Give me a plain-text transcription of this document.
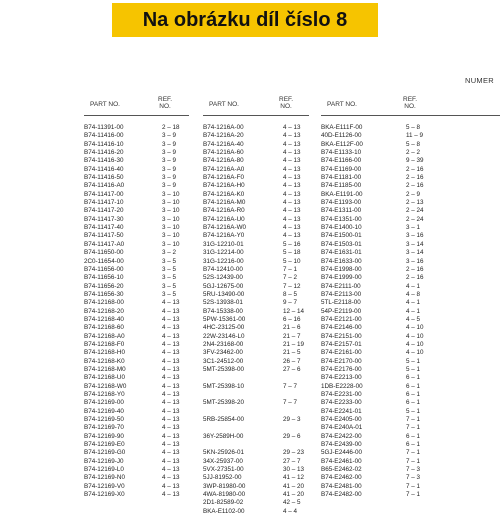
Na obrázku díl číslo 8
NUMER
PART NO.
REF.
NO.
B74-11391-00	2 – 18
B74-11416-00	3 – 9
B74-11416-10	3 – 9
B74-11416-20	3 – 9
B74-11416-30	3 – 9
B74-11416-40	3 – 9
B74-11416-50	3 – 9
B74-11416-A0	3 – 9
B74-11417-00	3 – 10
B74-11417-10	3 – 10
B74-11417-20	3 – 10
B74-11417-30	3 – 10
B74-11417-40	3 – 10
B74-11417-50	3 – 10
B74-11417-A0	3 – 10
B74-11650-00	3 – 2
2C0-11654-00	3 – 5
B74-11656-00	3 – 5
B74-11656-10	3 – 5
B74-11656-20	3 – 5
B74-11656-30	3 – 5
B74-12168-00	4 – 13
B74-12168-20	4 – 13
B74-12168-40	4 – 13
B74-12168-60	4 – 13
B74-12168-A0	4 – 13
B74-12168-F0	4 – 13
B74-12168-H0	4 – 13
B74-12168-K0	4 – 13
B74-12168-M0	4 – 13
B74-12168-U0	4 – 13
B74-12168-W0	4 – 13
B74-12168-Y0	4 – 13
B74-12169-00	4 – 13
B74-12169-40	4 – 13
B74-12169-50	4 – 13
B74-12169-70	4 – 13
B74-12169-90	4 – 13
B74-12169-E0	4 – 13
B74-12169-G0	4 – 13
B74-12169-J0	4 – 13
B74-12169-L0	4 – 13
B74-12169-N0	4 – 13
B74-12169-V0	4 – 13
B74-12169-X0	4 – 13
PART NO.
REF.
NO.
B74-1216A-00	4 – 13
B74-1216A-20	4 – 13
B74-1216A-40	4 – 13
B74-1216A-60	4 – 13
B74-1216A-80	4 – 13
B74-1216A-A0	4 – 13
B74-1216A-F0	4 – 13
B74-1216A-H0	4 – 13
B74-1216A-K0	4 – 13
B74-1216A-M0	4 – 13
B74-1216A-R0	4 – 13
B74-1216A-U0	4 – 13
B74-1216A-W0	4 – 13
B74-1216A-Y0	4 – 13
31G-12210-01	5 – 16
31G-12214-00	5 – 18
31G-12216-00	5 – 10
B74-12410-00	7 – 1
52S-12439-00	7 – 2
5GJ-12675-00	7 – 12
5RU-13490-00	8 – 5
52S-13938-01	9 – 7
B74-15338-00	12 – 14
5PW-15361-00	6 – 16
4HC-23125-00	21 – 6
22W-23146-L0	21 – 7
2N4-23168-00	21 – 19
3FV-23462-00	21 – 5
3C1-24512-00	26 – 7
5MT-25398-00	27 – 6
5MT-25398-10	7 – 7
5MT-25398-20	7 – 7
5RB-25854-00	29 – 3
36Y-2589H-00	29 – 6
5KN-25926-01	29 – 23
34X-25937-00	27 – 7
5VX-27351-00	30 – 13
5JJ-81952-00	41 – 12
3WP-81980-00	41 – 20
4WA-81980-00	41 – 20
2D1-82589-02	42 – 5
BKA-E1102-00	4 – 4
PART NO.
REF.
NO.
BKA-E111F-00	5 – 8
40D-E1126-00	11 – 9
BKA-E112F-00	5 – 8
B74-E1133-10	2 – 2
B74-E1166-00	9 – 39
B74-E1169-00	2 – 16
B74-E1181-00	2 – 16
B74-E1185-00	2 – 16
BKA-E1191-00	2 – 9
B74-E1193-00	2 – 13
B74-E1311-00	2 – 24
B74-E1351-00	2 – 24
B74-E1400-10	3 – 1
B74-E1500-01	3 – 16
B74-E1503-01	3 – 14
B74-E1631-01	3 – 14
B74-E1633-00	3 – 16
B74-E1998-00	2 – 16
B74-E1999-00	2 – 16
B74-E2111-00	4 – 1
B74-E2113-00	4 – 8
5TL-E2118-00	4 – 1
54P-E2119-00	4 – 1
B74-E2121-00	4 – 5
B74-E2146-00	4 – 10
B74-E2151-00	4 – 10
B74-E2157-01	4 – 10
B74-E2161-00	4 – 10
B74-E2170-00	5 – 1
B74-E2176-00	5 – 1
B74-E2213-00	6 – 1
1DB-E2228-00	6 – 1
B74-E2231-00	6 – 1
B74-E2233-00	6 – 1
B74-E2241-01	5 – 1
B74-E2405-00	7 – 1
B74-E240A-01	7 – 1
B74-E2422-00	6 – 1
B74-E2439-00	6 – 1
5GJ-E2446-00	7 – 1
B74-E2461-00	7 – 1
B65-E2462-02	7 – 3
B74-E2462-00	7 – 3
B74-E2481-00	7 – 1
B74-E2482-00	7 – 1
